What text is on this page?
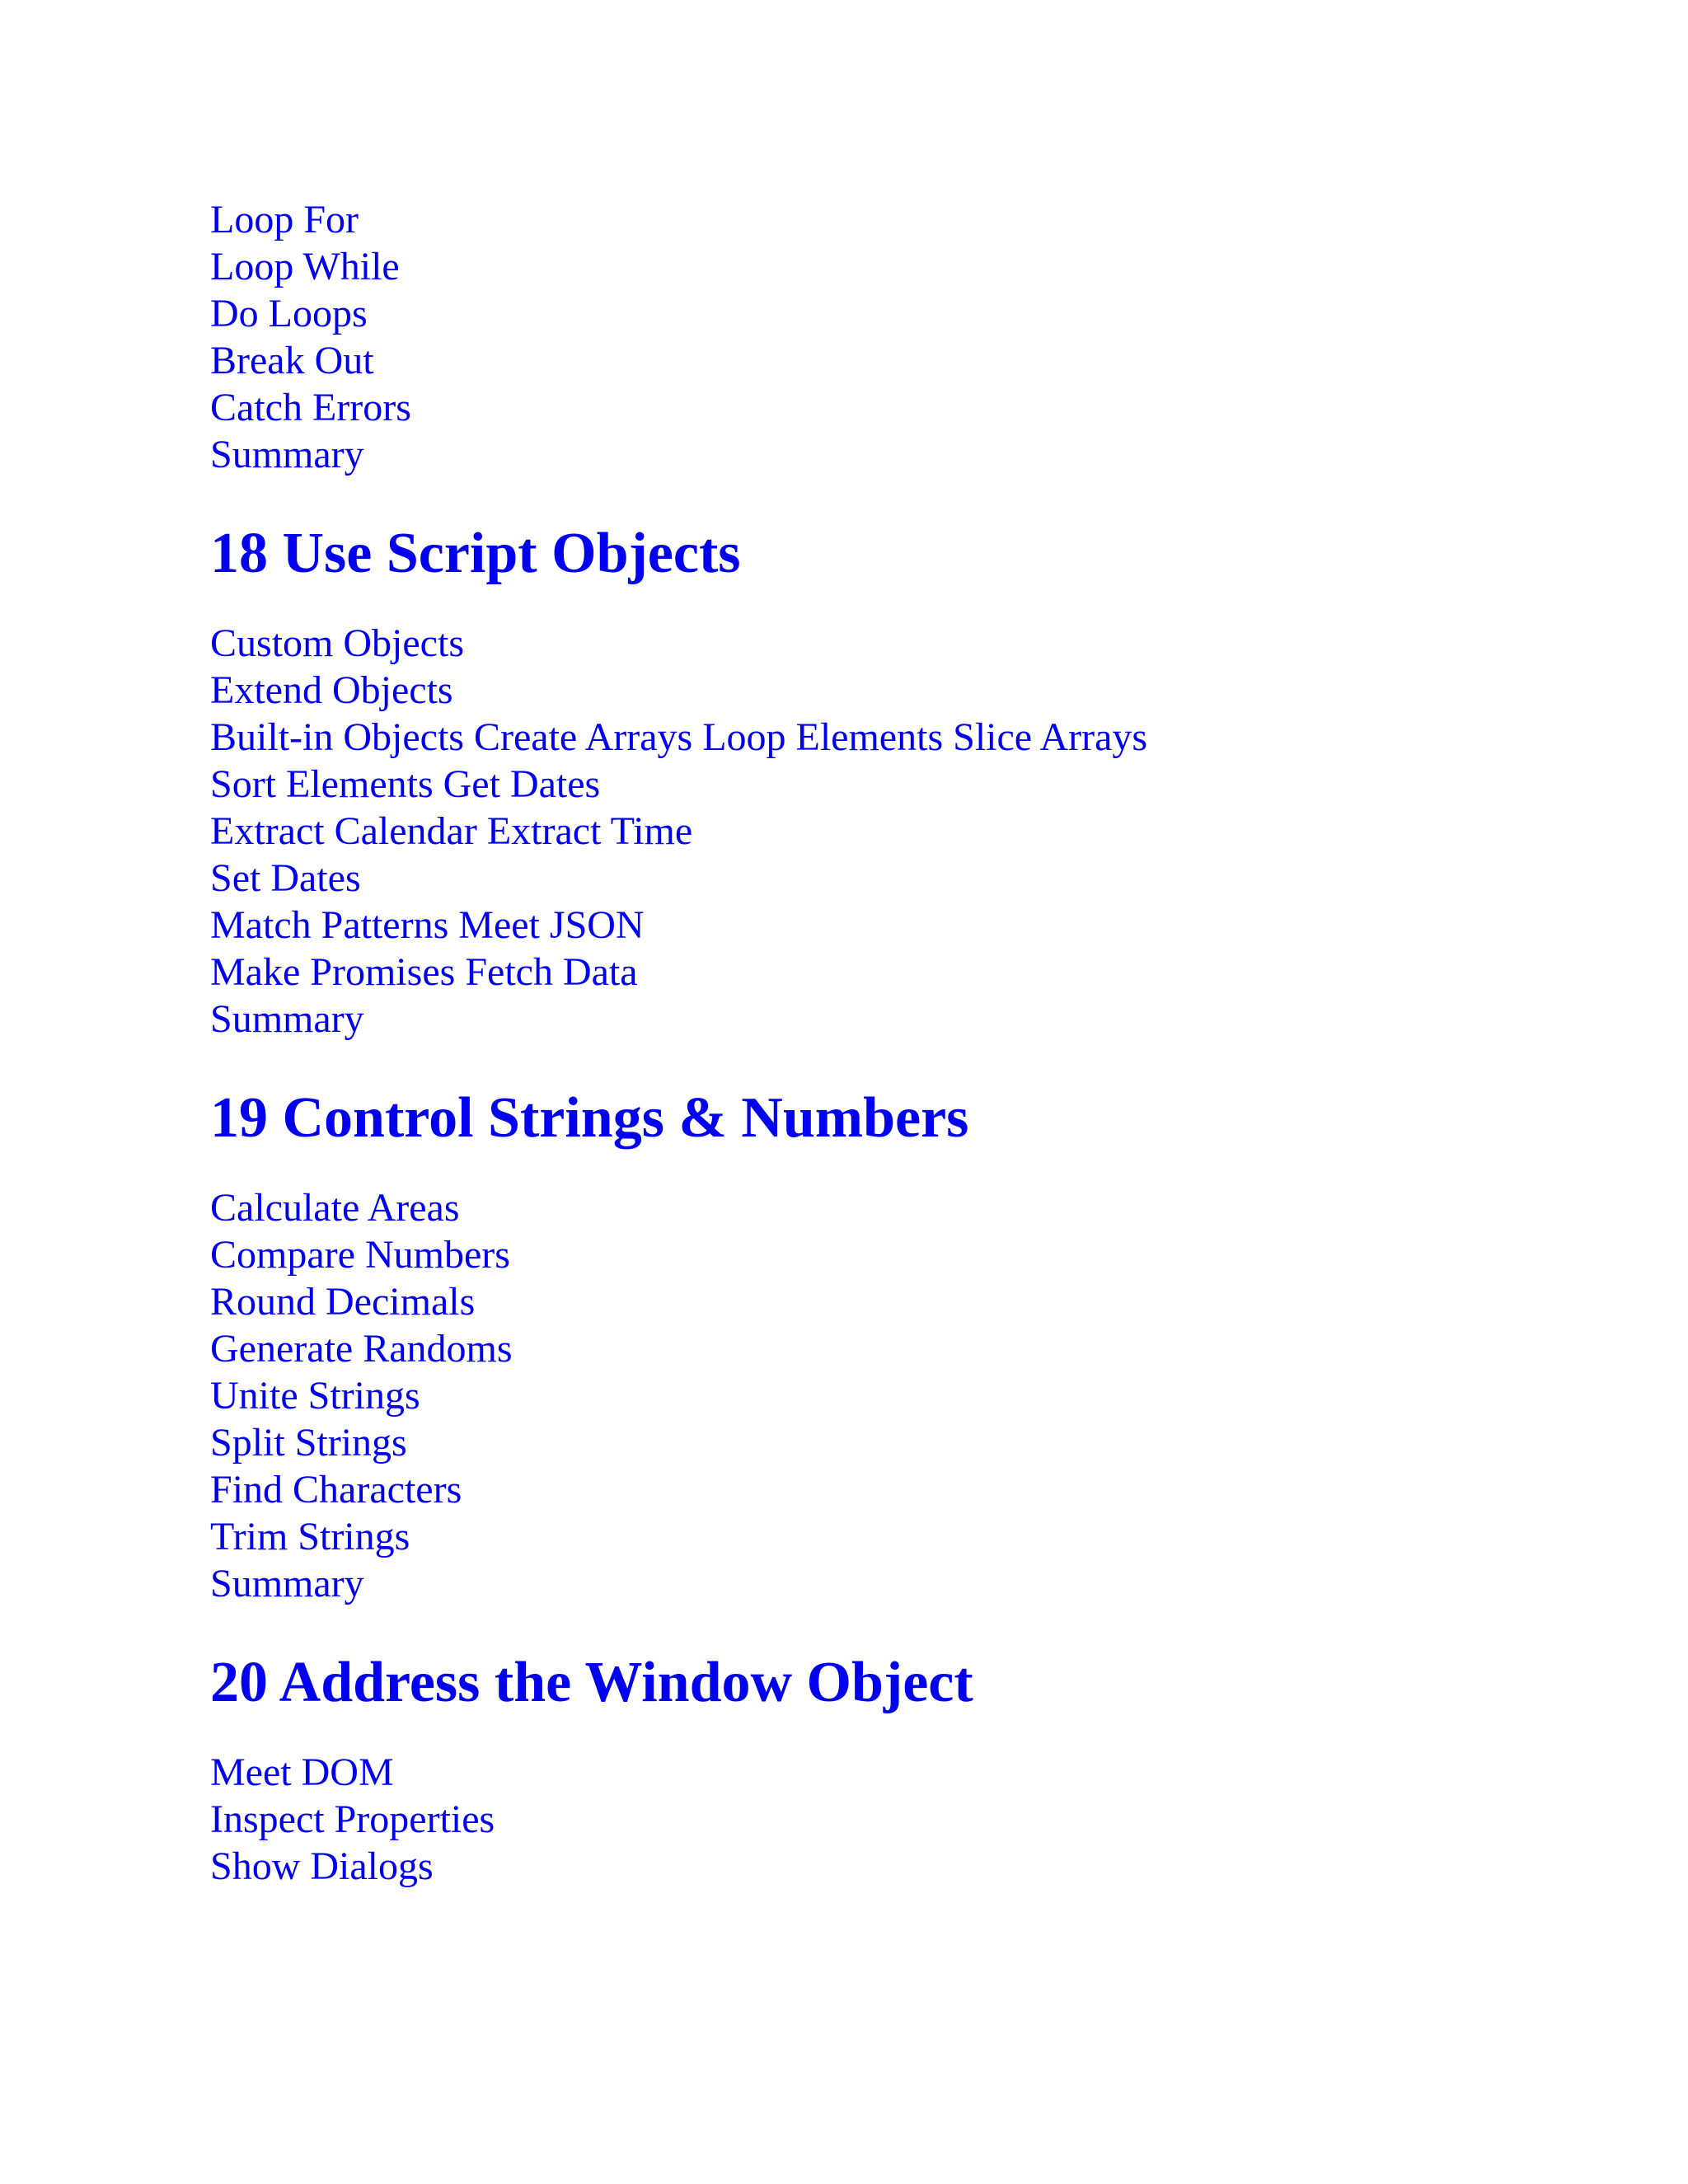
Loop For
Loop While
Do Loops
Break Out
Catch Errors
Summary
18 Use Script Objects
Custom Objects
Extend Objects
Built-in Objects Create Arrays Loop Elements Slice Arrays
Sort Elements Get Dates
Extract Calendar Extract Time
Set Dates
Match Patterns Meet JSON
Make Promises Fetch Data
Summary
19 Control Strings & Numbers
Calculate Areas
Compare Numbers
Round Decimals
Generate Randoms
Unite Strings
Split Strings
Find Characters
Trim Strings
Summary
20 Address the Window Object
Meet DOM
Inspect Properties
Show Dialogs
